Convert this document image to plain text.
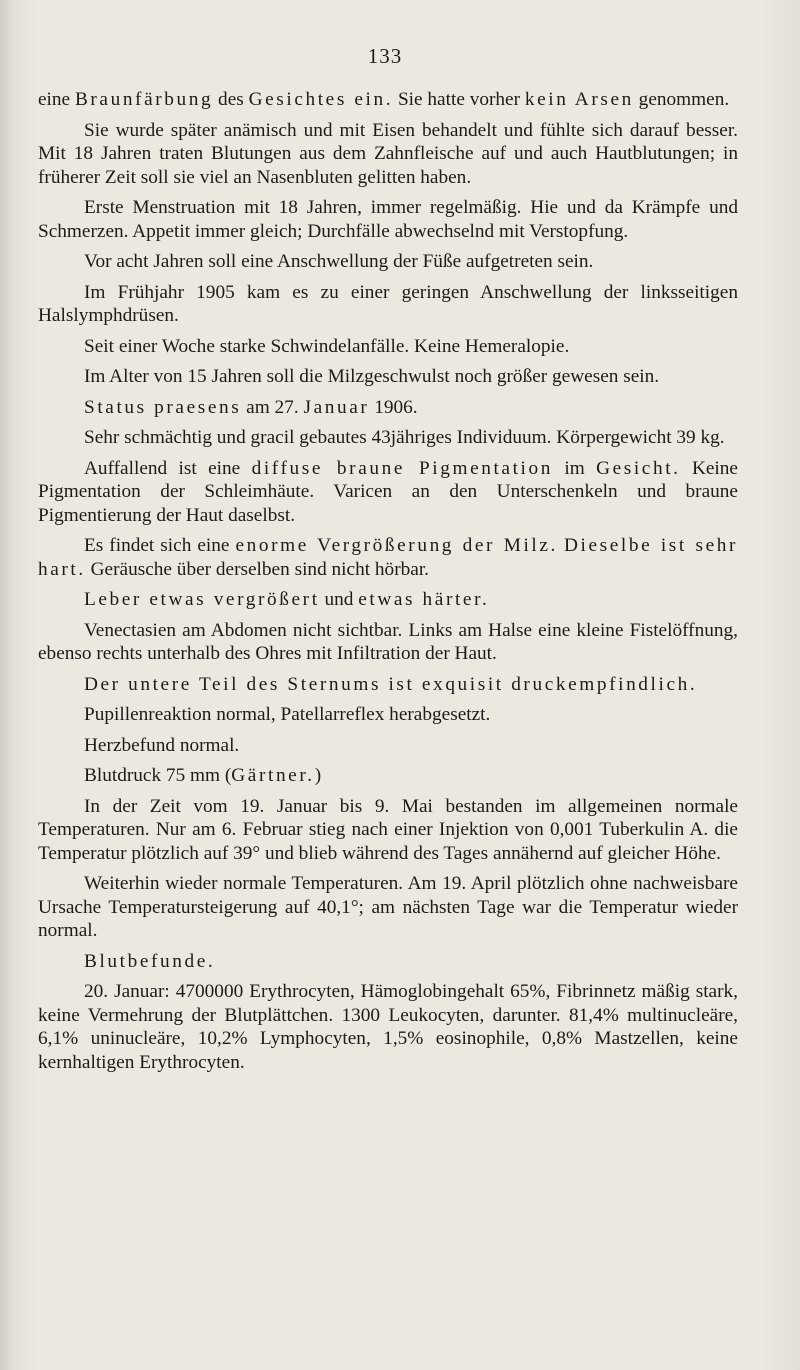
133

eine Braunfärbung des Gesichtes ein. Sie hatte vorher kein Arsen genommen.

Sie wurde später anämisch und mit Eisen behandelt und fühlte sich darauf besser. Mit 18 Jahren traten Blutungen aus dem Zahnfleische auf und auch Hautblutungen; in früherer Zeit soll sie viel an Nasenbluten gelitten haben.

Erste Menstruation mit 18 Jahren, immer regelmäßig. Hie und da Krämpfe und Schmerzen. Appetit immer gleich; Durchfälle abwechselnd mit Verstopfung.

Vor acht Jahren soll eine Anschwellung der Füße aufgetreten sein.

Im Frühjahr 1905 kam es zu einer geringen Anschwellung der linksseitigen Halslymphdrüsen.

Seit einer Woche starke Schwindelanfälle. Keine Hemeralopie.

Im Alter von 15 Jahren soll die Milzgeschwulst noch größer gewesen sein.

Status praesens am 27. Januar 1906.

Sehr schmächtig und gracil gebautes 43jähriges Individuum. Körpergewicht 39 kg.

Auffallend ist eine diffuse braune Pigmentation im Gesicht. Keine Pigmentation der Schleimhäute. Varicen an den Unterschenkeln und braune Pigmentierung der Haut daselbst.

Es findet sich eine enorme Vergrößerung der Milz. Dieselbe ist sehr hart. Geräusche über derselben sind nicht hörbar.

Leber etwas vergrößert und etwas härter.

Venectasien am Abdomen nicht sichtbar. Links am Halse eine kleine Fistelöffnung, ebenso rechts unterhalb des Ohres mit Infiltration der Haut.

Der untere Teil des Sternums ist exquisit druckempfindlich.

Pupillenreaktion normal, Patellarreflex herabgesetzt.

Herzbefund normal.

Blutdruck 75 mm (Gärtner.)

In der Zeit vom 19. Januar bis 9. Mai bestanden im allgemeinen normale Temperaturen. Nur am 6. Februar stieg nach einer Injektion von 0,001 Tuberkulin A. die Temperatur plötzlich auf 39° und blieb während des Tages annähernd auf gleicher Höhe.

Weiterhin wieder normale Temperaturen. Am 19. April plötzlich ohne nachweisbare Ursache Temperatursteigerung auf 40,1°; am nächsten Tage war die Temperatur wieder normal.

Blutbefunde.

20. Januar: 4700000 Erythrocyten, Hämoglobingehalt 65%, Fibrinnetz mäßig stark, keine Vermehrung der Blutplättchen. 1300 Leukocyten, darunter. 81,4% multinucleäre, 6,1% uninucleäre, 10,2% Lymphocyten, 1,5% eosinophile, 0,8% Mastzellen, keine kernhaltigen Erythrocyten.
